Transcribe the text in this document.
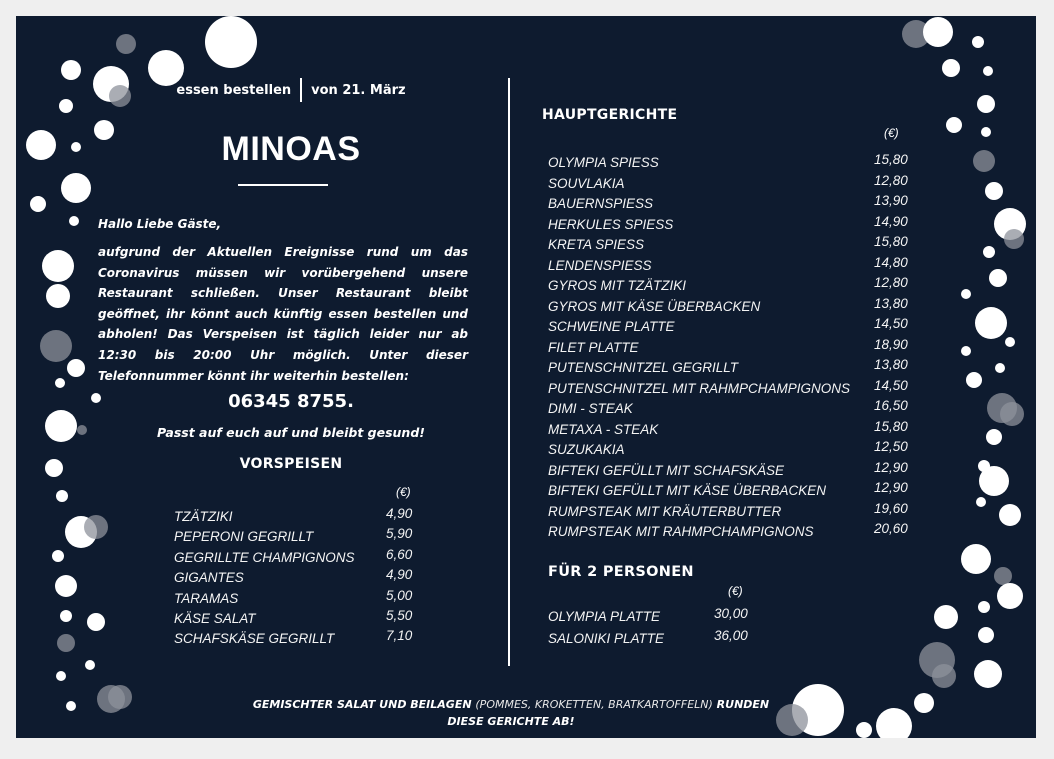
essen bestellen von 21. März
MINOAS
Hallo Liebe Gäste,
aufgrund der Aktuellen Ereignisse rund um das Coronavirus müssen wir vorübergehend unsere Restaurant schließen. Unser Restaurant bleibt geöffnet, ihr könnt auch künftig essen bestellen und abholen! Das Verspeisen ist täglich leider nur ab 12:30 bis 20:00 Uhr möglich. Unter dieser Telefonnummer könnt ihr weiterhin bestellen:
06345 8755.
Passt auf euch auf und bleibt gesund!
VORSPEISEN
(€)
TZÄTZIKI	4,90
PEPERONI GEGRILLT	5,90
GEGRILLTE CHAMPIGNONS 6,60
GIGANTES	4,90
TARAMAS	5,00
KÄSE SALAT	5,50
SCHAFSKÄSE GEGRILLT	7,10
HAUPTGERICHTE
(€)
OLYMPIA SPIESS	15,80
SOUVLAKIA	12,80
BAUERNSPIESS	13,90
HERKULES SPIESS	14,90
KRETA SPIESS	15,80
LENDENSPIESS	14,80
GYROS MIT TZÄTZIKI	12,80
GYROS MIT KÄSE ÜBERBACKEN	13,80
SCHWEINE PLATTE	14,50
FILET PLATTE	18,90
PUTENSCHNITZEL GEGRILLT	13,80
PUTENSCHNITZEL MIT RAHMPCHAMPIGNONS 14,50
DIMI - STEAK	16,50
METAXA - STEAK	15,80
SUZUKAKIA	12,50
BIFTEKI GEFÜLLT MIT SCHAFSKÄSE	12,90
BIFTEKI GEFÜLLT MIT KÄSE ÜBERBACKEN	12,90
RUMPSTEAK MIT KRÄUTERBUTTER	19,60
RUMPSTEAK MIT RAHMPCHAMPIGNONS	20,60
FÜR 2 PERSONEN
(€)
OLYMPIA PLATTE	30,00
SALONIKI PLATTE	36,00
GEMISCHTER SALAT UND BEILAGEN (POMMES, KROKETTEN, BRATKARTOFFELN) RUNDEN
DIESE GERICHTE AB!
